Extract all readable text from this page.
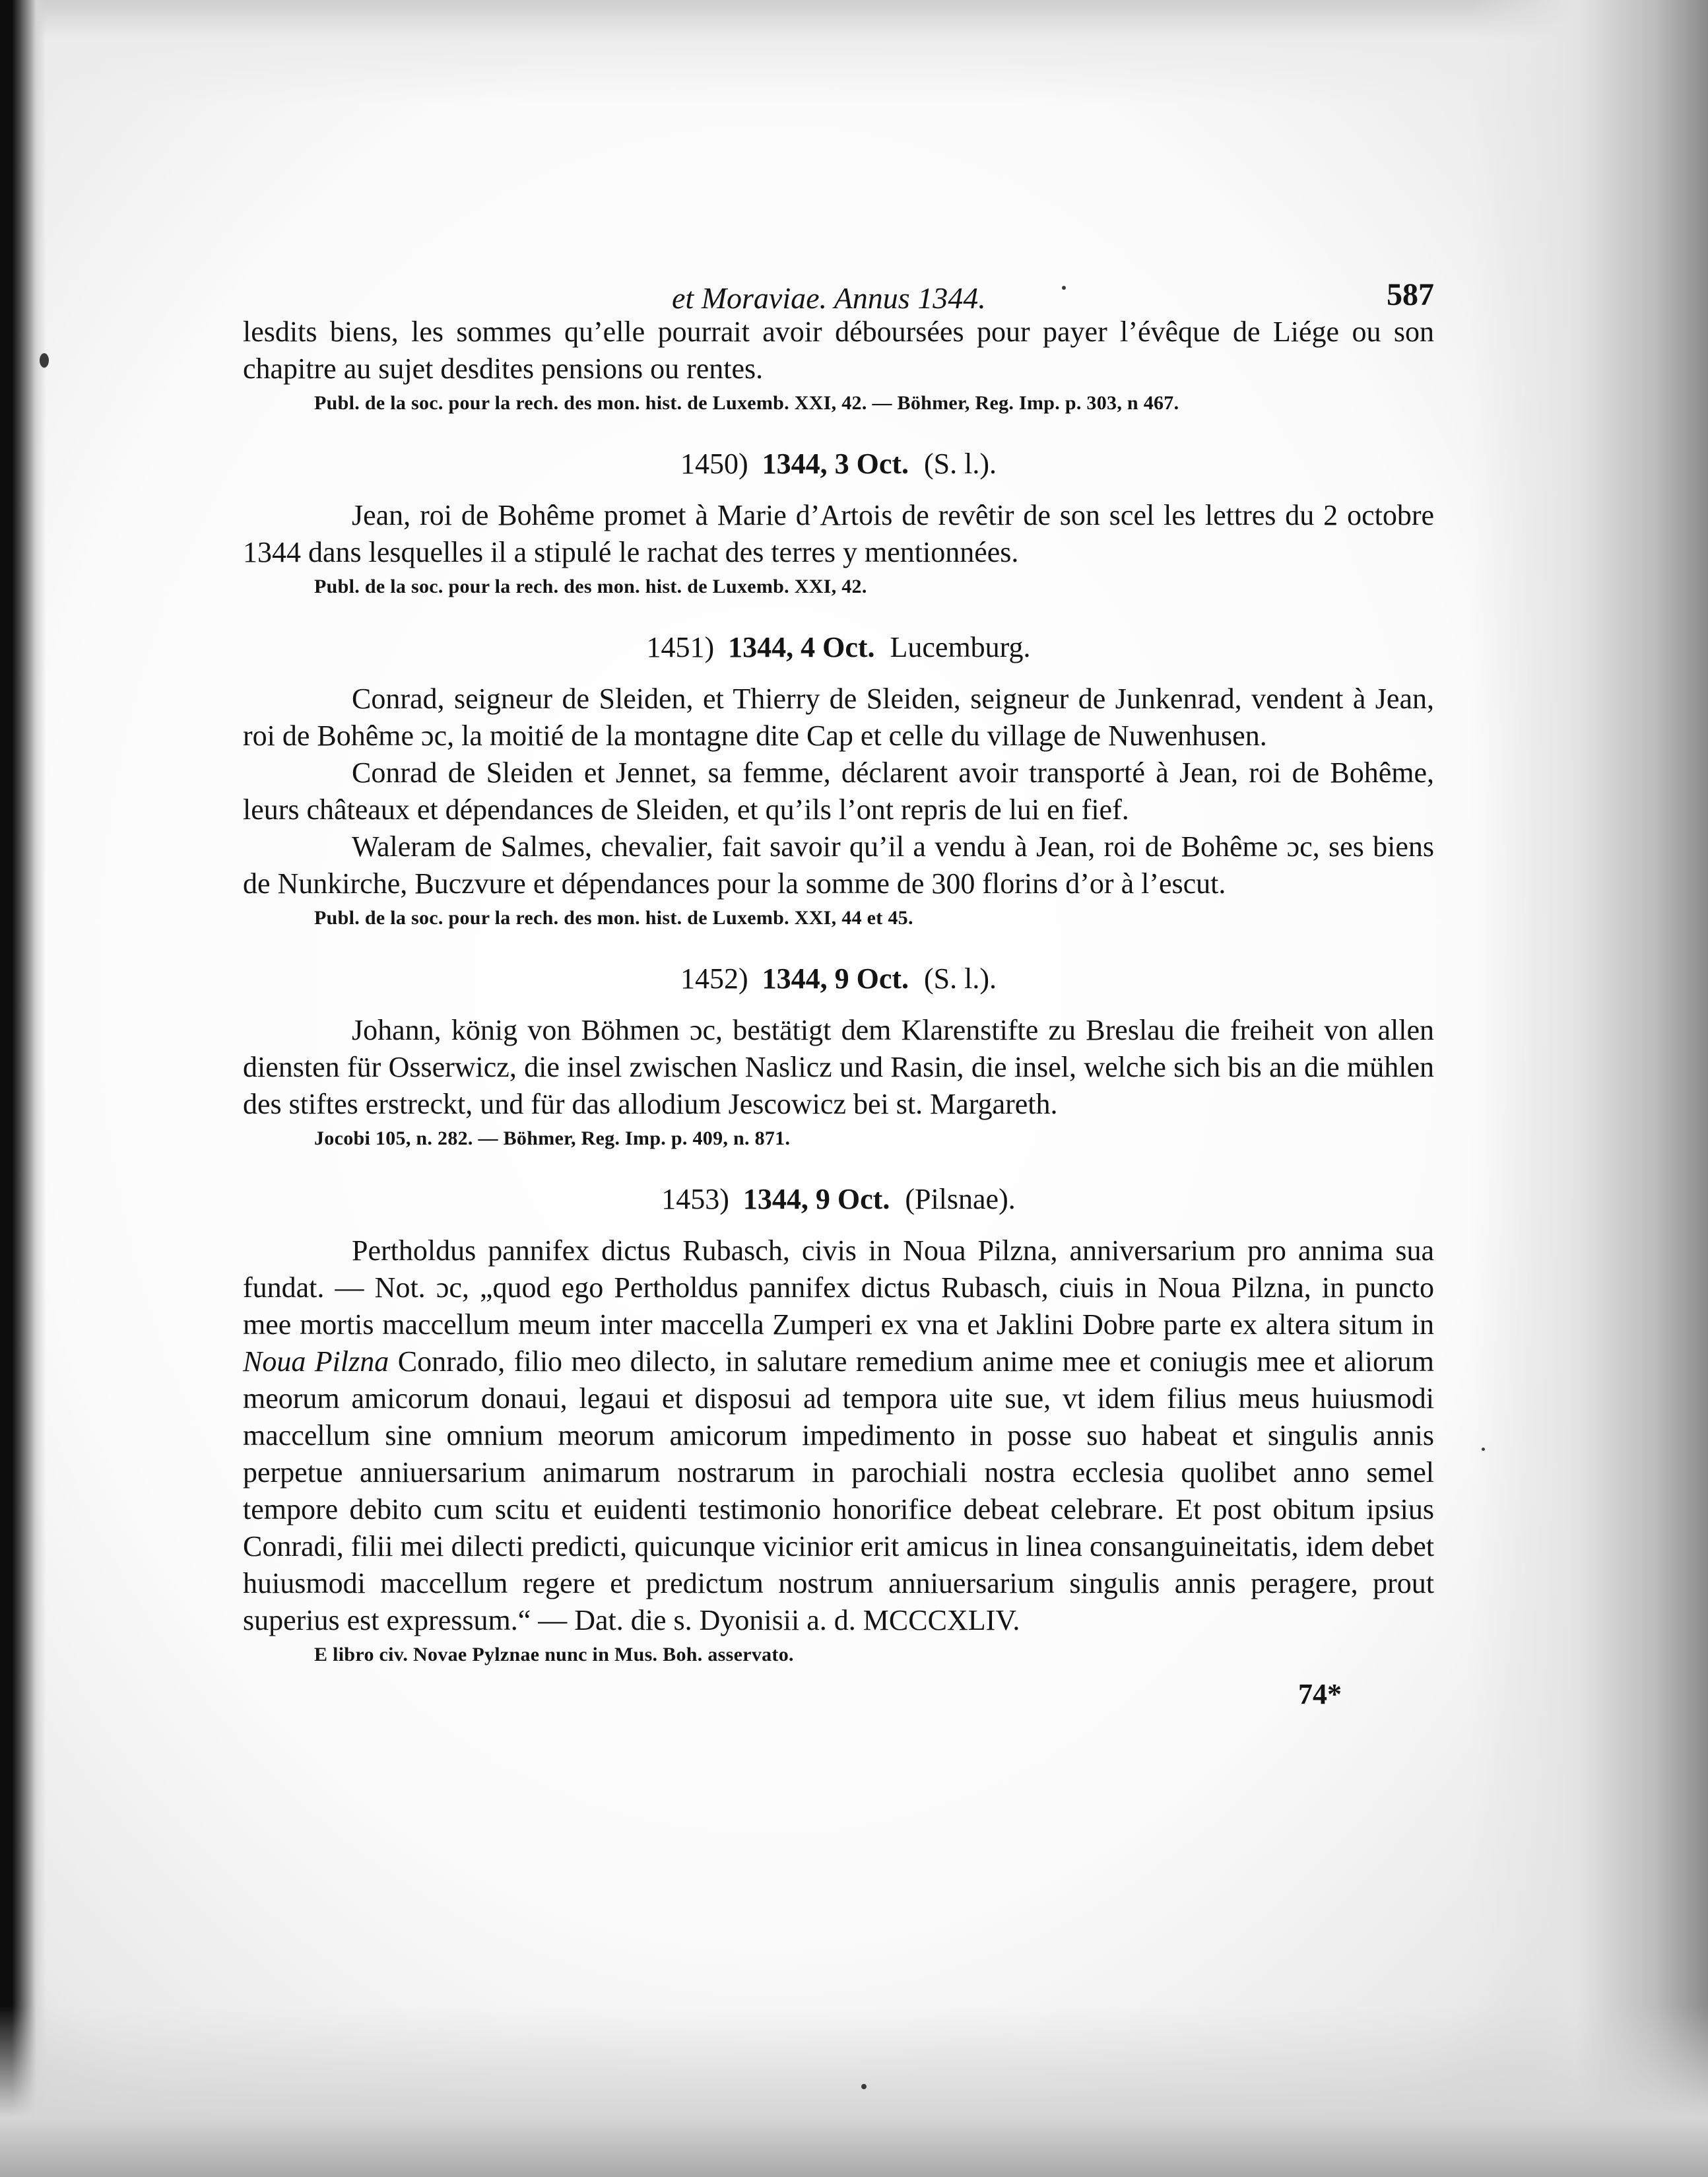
et Moraviae. Annus 1344.	587

lesdits biens, les sommes qu’elle pourrait avoir déboursées pour payer l’évêque de Liége ou son chapitre au sujet desdites pensions ou rentes.

Publ. de la soc. pour la rech. des mon. hist. de Luxemb. XXI, 42. — Böhmer, Reg. Imp. p. 303, n 467.

1450) 1344, 3 Oct. (S. l.).

Jean, roi de Bohême promet à Marie d’Artois de revêtir de son scel les lettres du 2 octobre 1344 dans lesquelles il a stipulé le rachat des terres y mentionnées.

Publ. de la soc. pour la rech. des mon. hist. de Luxemb. XXI, 42.

1451) 1344, 4 Oct. Lucemburg.

Conrad, seigneur de Sleiden, et Thierry de Sleiden, seigneur de Junkenrad, vendent à Jean, roi de Bohême ɔc, la moitié de la montagne dite Cap et celle du village de Nuwenhusen.

Conrad de Sleiden et Jennet, sa femme, déclarent avoir transporté à Jean, roi de Bohême, leurs châteaux et dépendances de Sleiden, et qu’ils l’ont repris de lui en fief.

Waleram de Salmes, chevalier, fait savoir qu’il a vendu à Jean, roi de Bohême ɔc, ses biens de Nunkirche, Buczvure et dépendances pour la somme de 300 florins d’or à l’escut.

Publ. de la soc. pour la rech. des mon. hist. de Luxemb. XXI, 44 et 45.

1452) 1344, 9 Oct. (S. l.).

Johann, könig von Böhmen ɔc, bestätigt dem Klarenstifte zu Breslau die freiheit von allen diensten für Osserwicz, die insel zwischen Naslicz und Rasin, die insel, welche sich bis an die mühlen des stiftes erstreckt, und für das allodium Jescowicz bei st. Margareth.

Jocobi 105, n. 282. — Böhmer, Reg. Imp. p. 409, n. 871.

1453) 1344, 9 Oct. (Pilsnae).

Pertholdus pannifex dictus Rubasch, civis in Noua Pilzna, anniversarium pro annima sua fundat. — Not. ɔc, „quod ego Pertholdus pannifex dictus Rubasch, ciuis in Noua Pilzna, in puncto mee mortis maccellum meum inter maccella Zumperi ex vna et Jaklini Dobre parte ex altera situm in Noua Pilzna Conrado, filio meo dilecto, in salutare remedium anime mee et coniugis mee et aliorum meorum amicorum donaui, legaui et disposui ad tempora uite sue, vt idem filius meus huiusmodi maccellum sine omnium meorum amicorum impedimento in posse suo habeat et singulis annis perpetue anniuersarium animarum nostrarum in parochiali nostra ecclesia quolibet anno semel tempore debito cum scitu et euidenti testimonio honorifice debeat celebrare. Et post obitum ipsius Conradi, filii mei dilecti predicti, quicunque vicinior erit amicus in linea consanguineitatis, idem debet huiusmodi maccellum regere et predictum nostrum anniuersarium singulis annis peragere, prout superius est expressum.“ — Dat. die s. Dyonisii a. d. MCCCXLIV.

E libro civ. Novae Pylznae nunc in Mus. Boh. asservato.

74*
